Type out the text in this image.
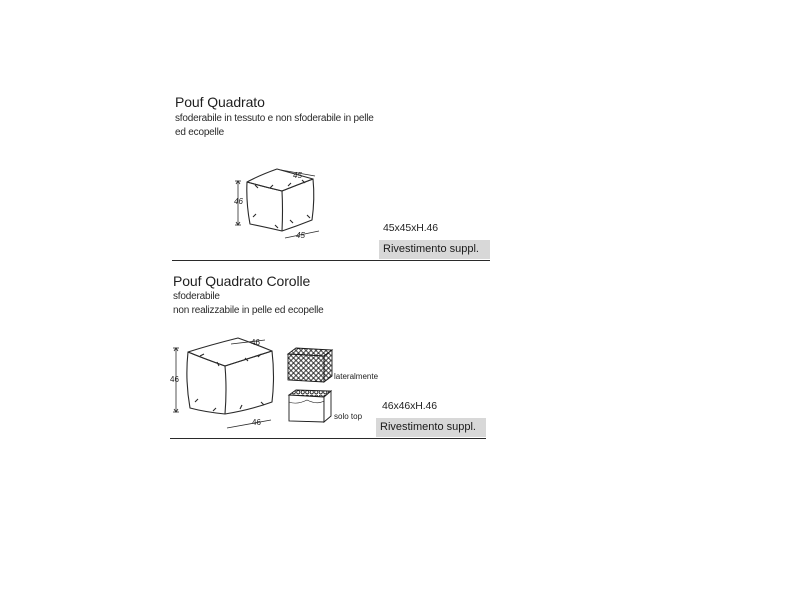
Pouf Quadrato
sfoderabile in tessuto e non sfoderabile in pelle
ed ecopelle
46
45
45
45x45xH.46
Rivestimento suppl.
Pouf Quadrato Corolle
sfoderabile
non realizzabile in pelle ed ecopelle
46
46
46
lateralmente
solo top
46x46xH.46
Rivestimento suppl.
